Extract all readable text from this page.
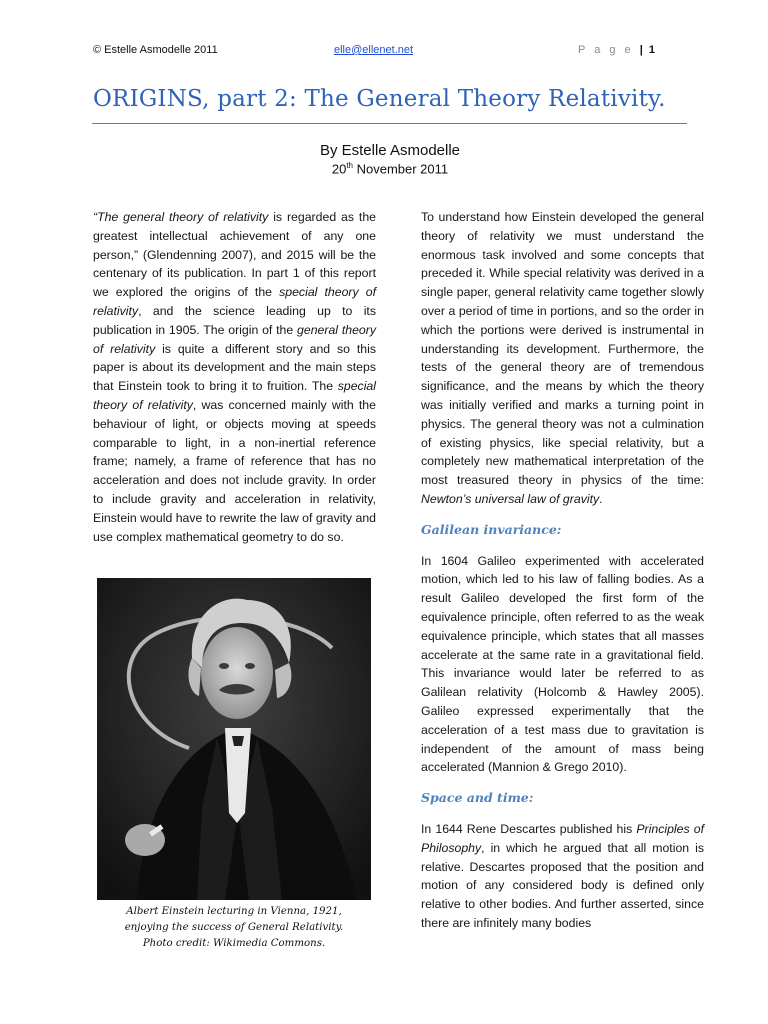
© Estelle Asmodelle 2011	elle@ellenet.net	P a g e | 1
ORIGINS, part 2: The General Theory Relativity.
By Estelle Asmodelle
20th November 2011

“The general theory of relativity is regarded as the greatest intellectual achievement of any one person,” (Glendenning 2007), and 2015 will be the centenary of its publication. In part 1 of this report we explored the origins of the special theory of relativity, and the science leading up to its publication in 1905. The origin of the general theory of relativity is quite a different story and so this paper is about its development and the main steps that Einstein took to bring it to fruition. The special theory of relativity, was concerned mainly with the behaviour of light, or objects moving at speeds comparable to light, in a non-inertial reference frame; namely, a frame of reference that has no acceleration and does not include gravity. In order to include gravity and acceleration in relativity, Einstein would have to rewrite the law of gravity and use complex mathematical geometry to do so.

Albert Einstein lecturing in Vienna, 1921,
enjoying the success of General Relativity.
Photo credit: Wikimedia Commons.

To understand how Einstein developed the general theory of relativity we must understand the enormous task involved and some concepts that preceded it. While special relativity was derived in a single paper, general relativity came together slowly over a period of time in portions, and so the order in which the portions were derived is instrumental in understanding its development. Furthermore, the tests of the general theory are of tremendous significance, and the means by which the theory was initially verified and marks a turning point in physics. The general theory was not a culmination of existing physics, like special relativity, but a completely new mathematical interpretation of the most treasured theory in physics of the time: Newton’s universal law of gravity.

Galilean invariance:

In 1604 Galileo experimented with accelerated motion, which led to his law of falling bodies. As a result Galileo developed the first form of the equivalence principle, often referred to as the weak equivalence principle, which states that all masses accelerate at the same rate in a gravitational field. This invariance would later be referred to as Galilean relativity (Holcomb & Hawley 2005). Galileo expressed experimentally that the acceleration of a test mass due to gravitation is independent of the amount of mass being accelerated (Mannion & Grego 2010).

Space and time:

In 1644 Rene Descartes published his Principles of Philosophy, in which he argued that all motion is relative. Descartes proposed that the position and motion of any considered body is defined only relative to other bodies. And further asserted, since there are infinitely many bodies
